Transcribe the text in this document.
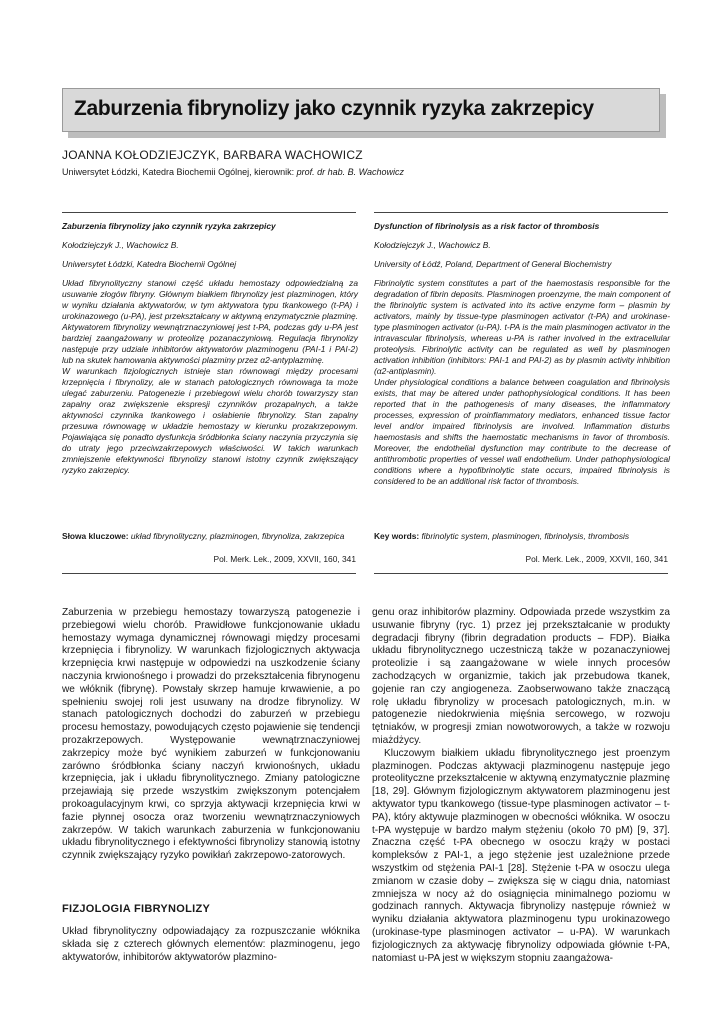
Zaburzenia fibrynolizy jako czynnik ryzyka zakrzepicy
JOANNA KOŁODZIEJCZYK, BARBARA WACHOWICZ
Uniwersytet Łódzki, Katedra Biochemii Ogólnej, kierownik: prof. dr hab. B. Wachowicz

Zaburzenia fibrynolizy jako czynnik ryzyka zakrzepicy

Kołodziejczyk J., Wachowicz B.

Uniwersytet Łódzki, Katedra Biochemii Ogólnej

Układ fibrynolityczny stanowi część układu hemostazy odpowiedzialną za usuwanie złogów fibryny. Głównym białkiem fibrynolizy jest plazminogen, który w wyniku działania aktywatorów, w tym aktywatora typu tkankowego (t-PA) i urokinazowego (u-PA), jest przekształcany w aktywną enzymatycznie plazminę. Aktywatorem fibrynolizy wewnątrznaczyniowej jest t-PA, podczas gdy u-PA jest bardziej zaangażowany w proteolizę pozanaczyniową. Regulacja fibrynolizy następuje przy udziale inhibitorów aktywatorów plazminogenu (PAI-1 i PAI-2) lub na skutek hamowania aktywności plazminy przez α2-antyplazminę.

W warunkach fizjologicznych istnieje stan równowagi między procesami krzepnięcia i fibrynolizy, ale w stanach patologicznych równowaga ta może ulegać zaburzeniu. Patogenezie i przebiegowi wielu chorób towarzyszy stan zapalny oraz zwiększenie ekspresji czynników prozapalnych, a także aktywności czynnika tkankowego i osłabienie fibrynolizy. Stan zapalny przesuwa równowagę w układzie hemostazy w kierunku prozakrzepowym. Pojawiająca się ponadto dysfunkcja śródbłonka ściany naczynia przyczynia się do utraty jego przeciwzakrzepowych właściwości. W takich warunkach zmniejszenie efektywności fibrynolizy stanowi istotny czynnik zwiększający ryzyko zakrzepicy.

Słowa kluczowe: układ fibrynolityczny, plazminogen, fibrynoliza, zakrzepica
Pol. Merk. Lek., 2009, XXVII, 160, 341

Dysfunction of fibrinolysis as a risk factor of thrombosis

Kołodziejczyk J., Wachowicz B.

University of Łódź, Poland, Department of General Biochemistry

Fibrinolytic system constitutes a part of the haemostasis responsible for the degradation of fibrin deposits. Plasminogen proenzyme, the main component of the fibrinolytic system is activated into its active enzyme form – plasmin by activators, mainly by tissue-type plasminogen activator (t-PA) and urokinase-type plasminogen activator (u-PA). t-PA is the main plasminogen activator in the intravascular fibrinolysis, whereas u-PA is rather involved in the extracellular proteolysis. Fibrinolytic activity can be regulated as well by plasminogen activation inhibition (inhibitors: PAI-1 and PAI-2) as by plasmin activity inhibition (α2-antiplasmin).

Under physiological conditions a balance between coagulation and fibrinolysis exists, that may be altered under pathophysiological conditions. It has been reported that in the pathogenesis of many diseases, the inflammatory processes, expression of proinflammatory mediators, enhanced tissue factor level and/or impaired fibrinolysis are involved. Inflammation disturbs haemostasis and shifts the haemostatic mechanisms in favor of thrombosis. Moreover, the endothelial dysfunction may contribute to the decrease of antithrombotic properties of vessel wall endothelium. Under pathophysiological conditions where a hypofibrinolytic state occurs, impaired fibrinolysis is considered to be an additional risk factor of thrombosis.

Key words: fibrinolytic system, plasminogen, fibrinolysis, thrombosis
Pol. Merk. Lek., 2009, XXVII, 160, 341

Zaburzenia w przebiegu hemostazy towarzyszą patogenezie i przebiegowi wielu chorób. Prawidłowe funkcjonowanie układu hemostazy wymaga dynamicznej równowagi między procesami krzepnięcia i fibrynolizy. W warunkach fizjologicznych aktywacja krzepnięcia krwi następuje w odpowiedzi na uszkodzenie ściany naczynia krwionośnego i prowadzi do przekształcenia fibrynogenu we włóknik (fibrynę). Powstały skrzep hamuje krwawienie, a po spełnieniu swojej roli jest usuwany na drodze fibrynolizy. W stanach patologicznych dochodzi do zaburzeń w przebiegu procesu hemostazy, powodujących często pojawienie się tendencji prozakrzepowych. Występowanie wewnątrznaczyniowej zakrzepicy może być wynikiem zaburzeń w funkcjonowaniu zarówno śródbłonka ściany naczyń krwionośnych, układu krzepnięcia, jak i układu fibrynolitycznego. Zmiany patologiczne przejawiają się przede wszystkim zwiększonym potencjałem prokoagulacyjnym krwi, co sprzyja aktywacji krzepnięcia krwi w fazie płynnej osocza oraz tworzeniu wewnątrznaczyniowych zakrzepów. W takich warunkach zaburzenia w funkcjonowaniu układu fibrynolitycznego i efektywności fibrynolizy stanowią istotny czynnik zwiększający ryzyko powikłań zakrzepowo-zatorowych.

FIZJOLOGIA FIBRYNOLIZY

Układ fibrynolityczny odpowiadający za rozpuszczanie włóknika składa się z czterech głównych elementów: plazminogenu, jego aktywatorów, inhibitorów aktywatorów plazmino-

genu oraz inhibitorów plazminy. Odpowiada przede wszystkim za usuwanie fibryny (ryc. 1) przez jej przekształcanie w produkty degradacji fibryny (fibrin degradation products – FDP). Białka układu fibrynolitycznego uczestniczą także w pozanaczyniowej proteolizie i są zaangażowane w wiele innych procesów zachodzących w organizmie, takich jak przebudowa tkanek, gojenie ran czy angiogeneza. Zaobserwowano także znaczącą rolę układu fibrynolizy w procesach patologicznych, m.in. w patogenezie niedokrwienia mięśnia sercowego, w rozwoju tętniaków, w progresji zmian nowotworowych, a także w rozwoju miażdżycy.

Kluczowym białkiem układu fibrynolitycznego jest proenzym plazminogen. Podczas aktywacji plazminogenu następuje jego proteolityczne przekształcenie w aktywną enzymatycznie plazminę [18, 29]. Głównym fizjologicznym aktywatorem plazminogenu jest aktywator typu tkankowego (tissue-type plasminogen activator – t-PA), który aktywuje plazminogen w obecności włóknika. W osoczu t-PA występuje w bardzo małym stężeniu (około 70 pM) [9, 37]. Znaczna część t-PA obecnego w osoczu krąży w postaci kompleksów z PAI-1, a jego stężenie jest uzależnione przede wszystkim od stężenia PAI-1 [28]. Stężenie t-PA w osoczu ulega zmianom w czasie doby – zwiększa się w ciągu dnia, natomiast zmniejsza w nocy aż do osiągnięcia minimalnego poziomu w godzinach rannych. Aktywacja fibrynolizy następuje również w wyniku działania aktywatora plazminogenu typu urokinazowego (urokinase-type plasminogen activator – u-PA). W warunkach fizjologicznych za aktywację fibrynolizy odpowiada głównie t-PA, natomiast u-PA jest w większym stopniu zaangażowa-
